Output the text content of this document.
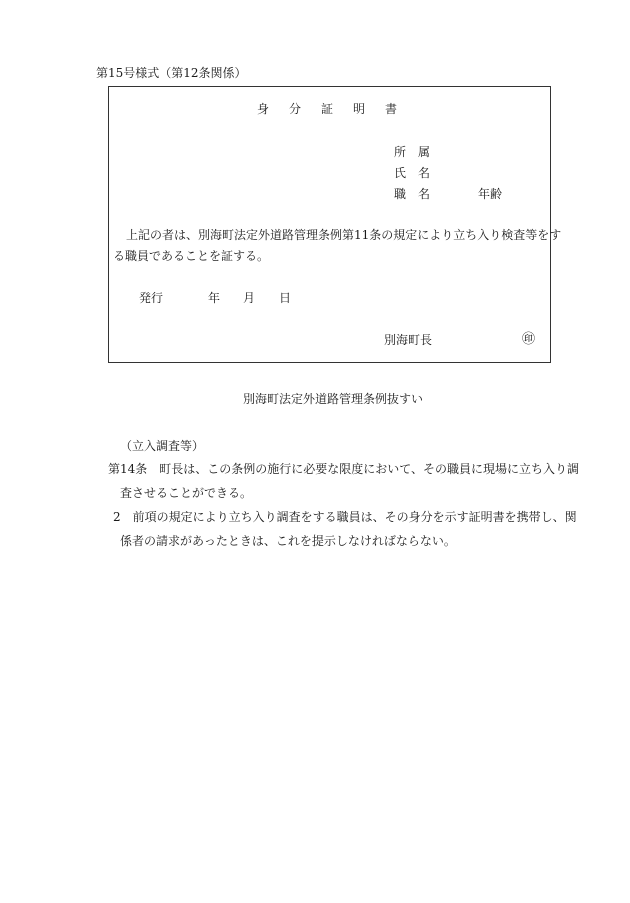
第15号様式（第12条関係）
身分証明書
所　属
氏　名
職　名	年齢
上記の者は、別海町法定外道路管理条例第11条の規定により立ち入り検査等をす
る職員であることを証する。
発行	年 月 日
別海町長	㊞
別海町法定外道路管理条例抜すい
（立入調査等）
第14条　町長は、この条例の施行に必要な限度において、その職員に現場に立ち入り調
査させることができる。
2　前項の規定により立ち入り調査をする職員は、その身分を示す証明書を携帯し、関
係者の請求があったときは、これを提示しなければならない。
